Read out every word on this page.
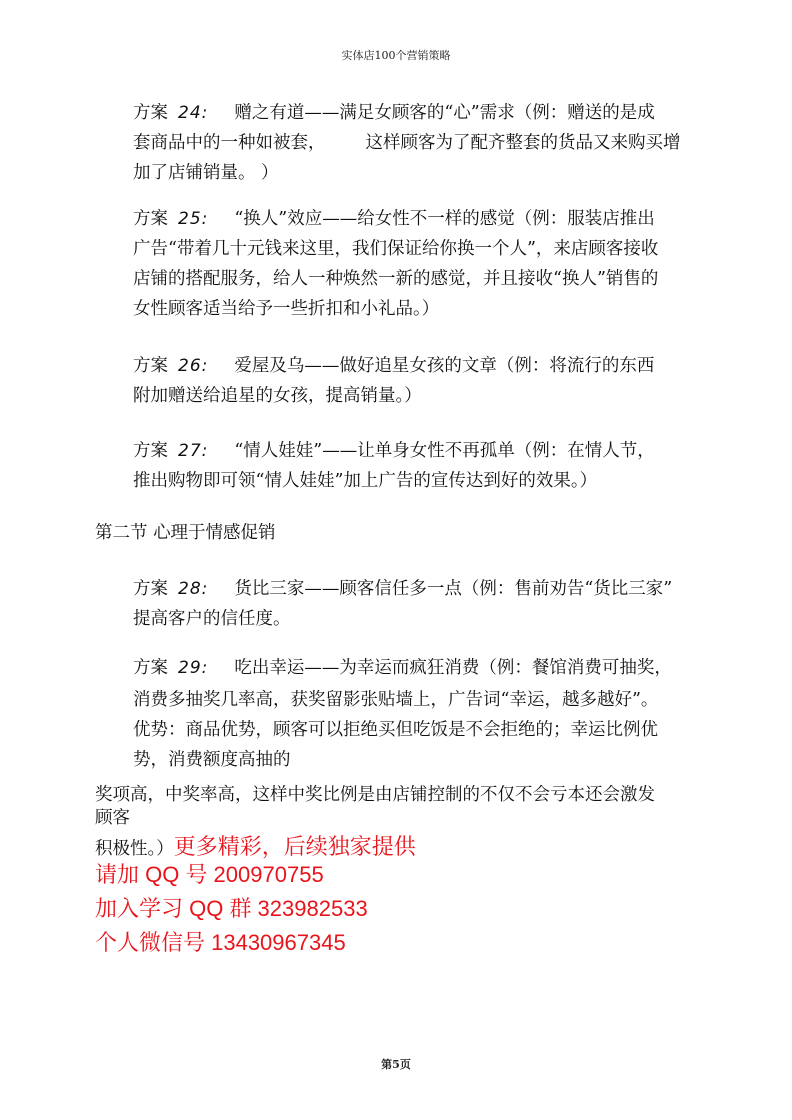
实体店100个营销策略
方案 24: 赠之有道——满足女顾客的“心”需求（例：赠送的是成
套商品中的一种如被套， 这样顾客为了配齐整套的货品又来购买增
加了店铺销量。 ）
方案 25: “换人”效应——给女性不一样的感觉（例：服装店推出
广告“带着几十元钱来这里，我们保证给你换一个人”，来店顾客接收
店铺的搭配服务，给人一种焕然一新的感觉，并且接收“换人”销售的
女性顾客适当给予一些折扣和小礼品。）
方案 26: 爱屋及乌——做好追星女孩的文章（例：将流行的东西
附加赠送给追星的女孩，提高销量。）
方案 27: “情人娃娃”——让单身女性不再孤单（例：在情人节，
推出购物即可领“情人娃娃”加上广告的宣传达到好的效果。）
第二节 心理于情感促销
方案 28: 货比三家——顾客信任多一点（例：售前劝告“货比三家”
提高客户的信任度。
方案 29: 吃出幸运——为幸运而疯狂消费（例：餐馆消费可抽奖，
消费多抽奖几率高，获奖留影张贴墙上，广告词“幸运，越多越好”。
优势：商品优势，顾客可以拒绝买但吃饭是不会拒绝的；幸运比例优
势，消费额度高抽的
奖项高，中奖率高，这样中奖比例是由店铺控制的不仅不会亏本还会激发
顾客
积极性。）更多精彩，后续独家提供
请加 QQ 号 200970755
加入学习 QQ 群 323982533
个人微信号 13430967345
第5页
